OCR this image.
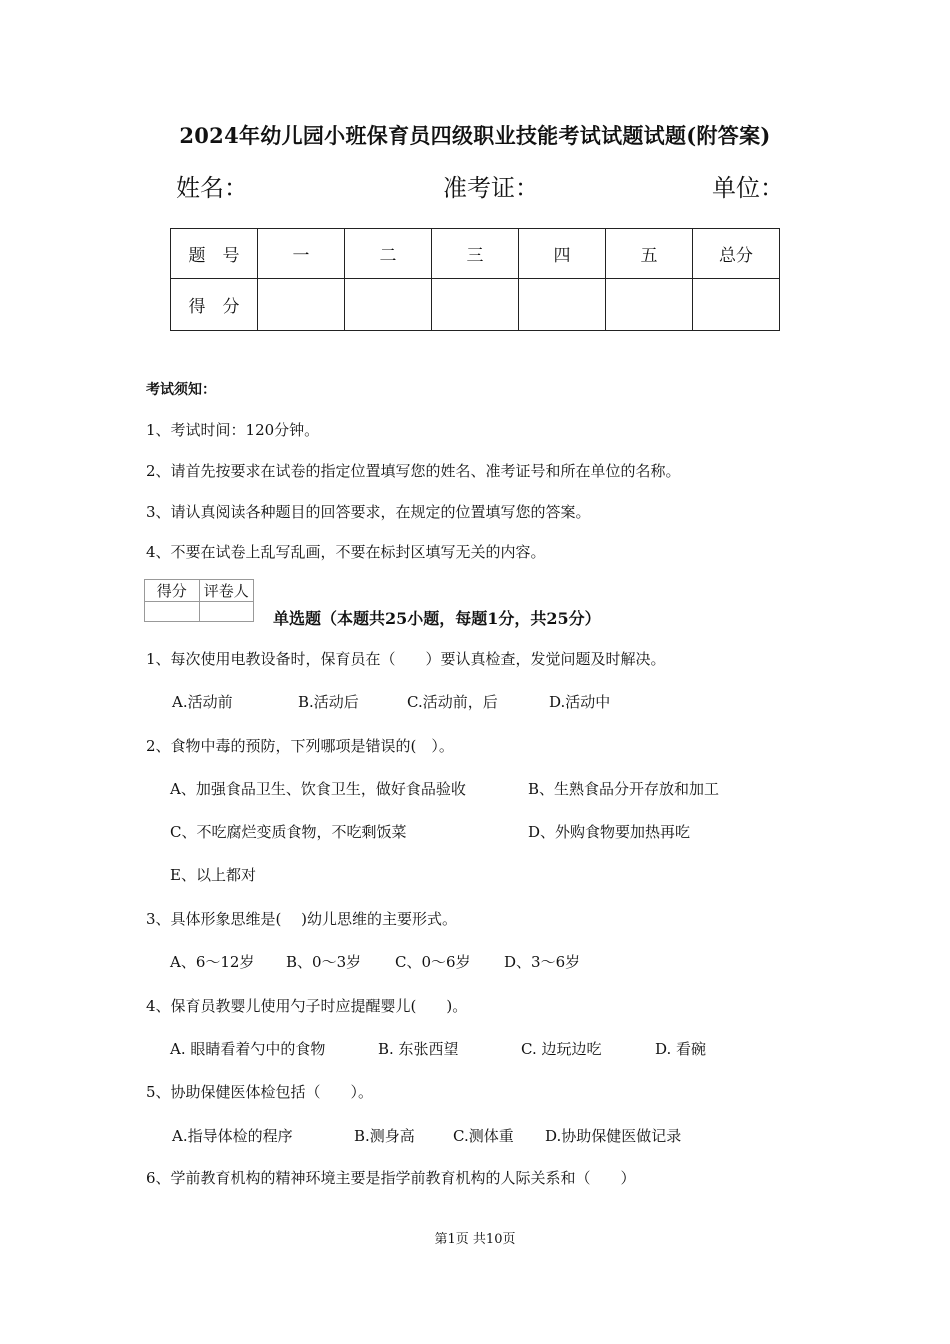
2024年幼儿园小班保育员四级职业技能考试试题试题(附答案)
姓名：	准考证：	单位：
题　号	一	二	三	四	五	总分
得　分						
考试须知：
1、考试时间：120分钟。
2、请首先按要求在试卷的指定位置填写您的姓名、准考证号和所在单位的名称。
3、请认真阅读各种题目的回答要求，在规定的位置填写您的答案。
4、不要在试卷上乱写乱画，不要在标封区填写无关的内容。
得分	评卷人

单选题（本题共25小题，每题1分，共25分）
1、每次使用电教设备时，保育员在（　　）要认真检查，发觉问题及时解决。
A.活动前	B.活动后	C.活动前，后	D.活动中
2、食物中毒的预防，下列哪项是错误的(　）。
A、加强食品卫生、饮食卫生，做好食品验收	B、生熟食品分开存放和加工
C、不吃腐烂变质食物，不吃剩饭菜	D、外购食物要加热再吃
E、以上都对
3、具体形象思维是(　 )幼儿思维的主要形式。
A、6～12岁 B、0～3岁 C、0～6岁 D、3～6岁
4、保育员教婴儿使用勺子时应提醒婴儿(　　)。
A. 眼睛看着勺中的食物	B. 东张西望	C. 边玩边吃	D. 看碗
5、协助保健医体检包括（　　）。
A.指导体检的程序	B.测身高	C.测体重 D.协助保健医做记录
6、学前教育机构的精神环境主要是指学前教育机构的人际关系和（　　）
第1页 共10页
